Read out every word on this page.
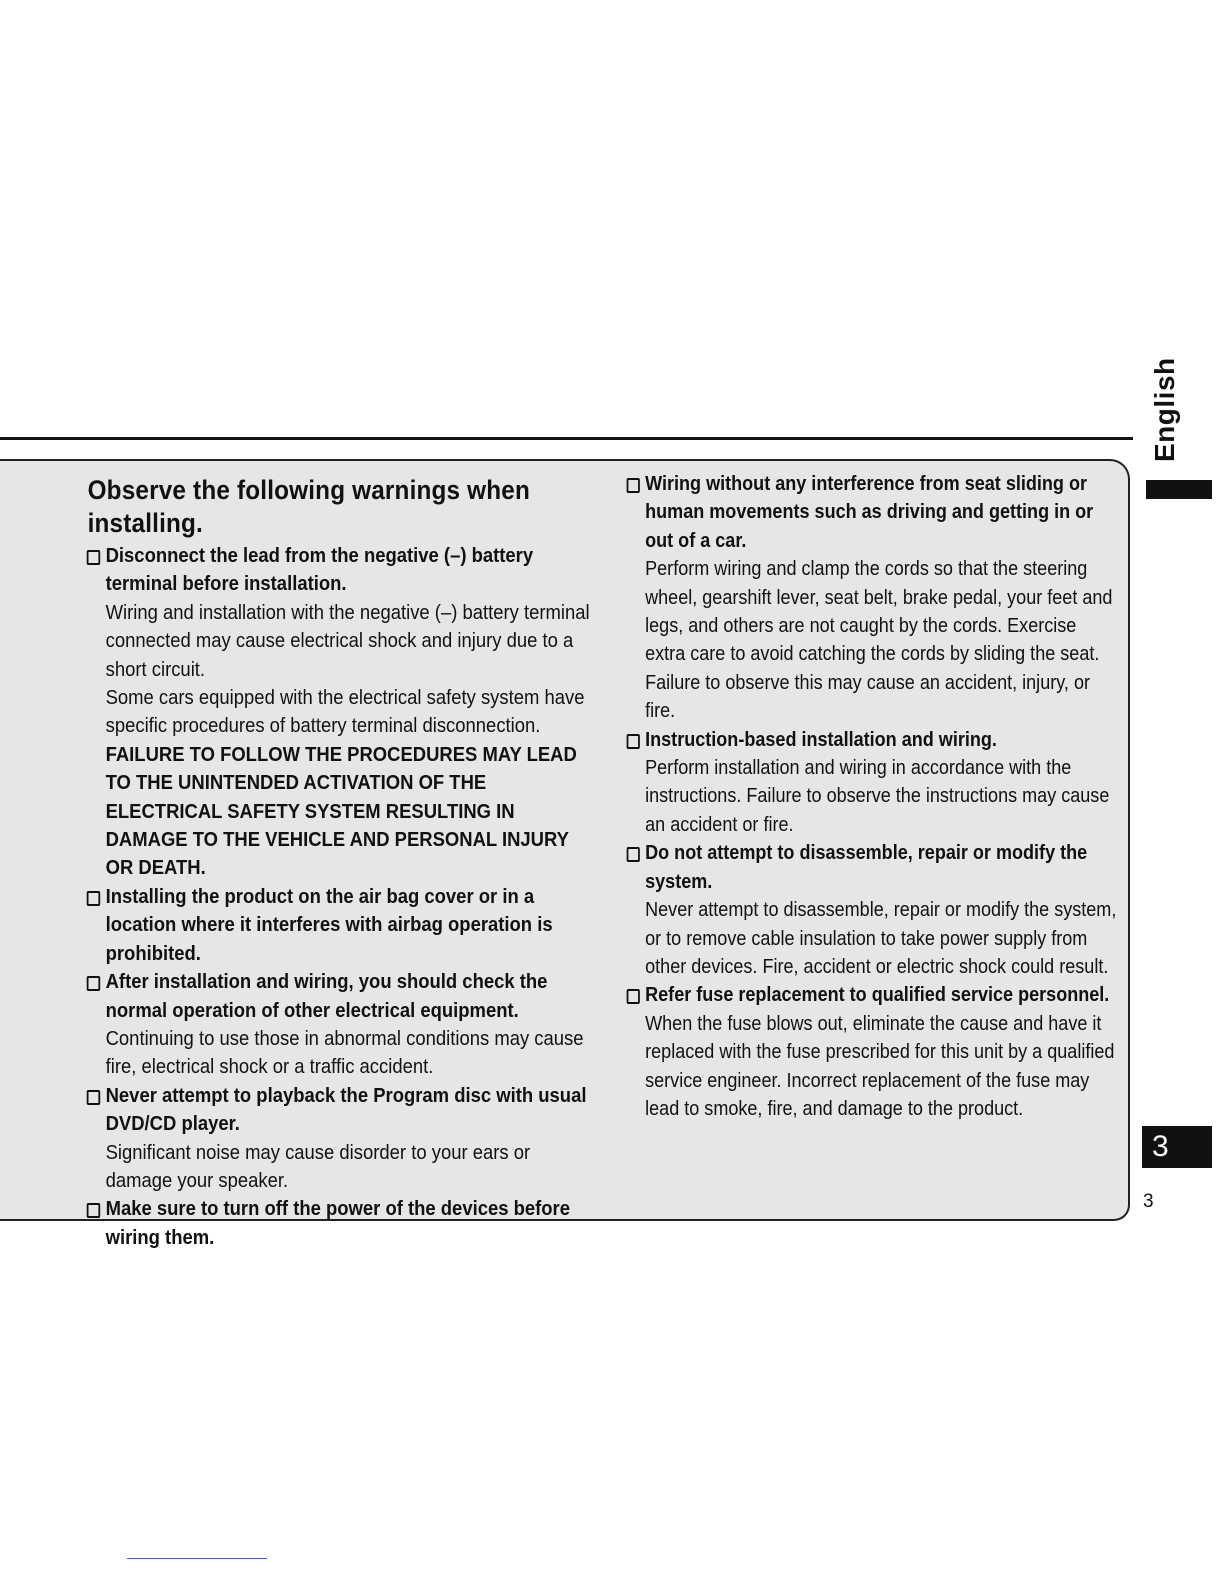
Observe the following warnings when installing.
Disconnect the lead from the negative (–) battery terminal before installation.
Wiring and installation with the negative (–) battery terminal connected may cause electrical shock and injury due to a short circuit.
Some cars equipped with the electrical safety system have specific procedures of battery terminal disconnection.
FAILURE TO FOLLOW THE PROCEDURES MAY LEAD TO THE UNINTENDED ACTIVATION OF THE ELECTRICAL SAFETY SYSTEM RESULTING IN DAMAGE TO THE VEHICLE AND PERSONAL INJURY OR DEATH.
Installing the product on the air bag cover or in a location where it interferes with airbag operation is prohibited.
After installation and wiring, you should check the normal operation of other electrical equipment.
Continuing to use those in abnormal conditions may cause fire, electrical shock or a traffic accident.
Never attempt to playback the Program disc with usual DVD/CD player.
Significant noise may cause disorder to your ears or damage your speaker.
Make sure to turn off the power of the devices before wiring them.
Wiring without any interference from seat sliding or human movements such as driving and getting in or out of a car.
Perform wiring and clamp the cords so that the steering wheel, gearshift lever, seat belt, brake pedal, your feet and legs, and others are not caught by the cords. Exercise extra care to avoid catching the cords by sliding the seat. Failure to observe this may cause an accident, injury, or fire.
Instruction-based installation and wiring.
Perform installation and wiring in accordance with the instructions. Failure to observe the instructions may cause an accident or fire.
Do not attempt to disassemble, repair or modify the system.
Never attempt to disassemble, repair or modify the system, or to remove cable insulation to take power supply from other devices. Fire, accident or electric shock could result.
Refer fuse replacement to qualified service personnel.
When the fuse blows out, eliminate the cause and have it replaced with the fuse prescribed for this unit by a qualified service engineer. Incorrect replacement of the fuse may lead to smoke, fire, and damage to the product.
English
3
3
